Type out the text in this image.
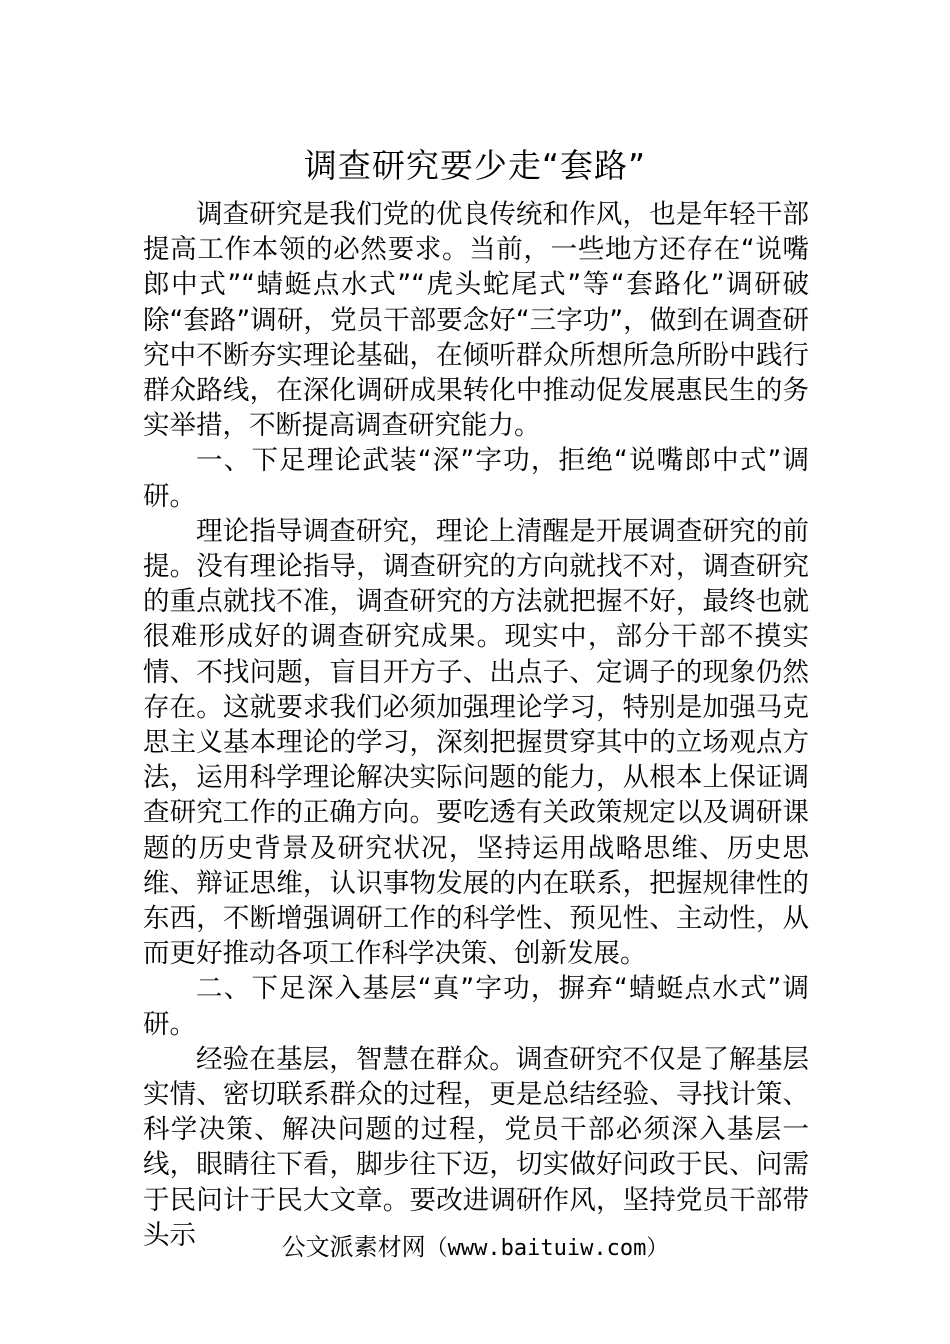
调查研究要少走“套路”

调查研究是我们党的优良传统和作风，也是年轻干部提高工作本领的必然要求。当前，一些地方还存在“说嘴郎中式”“蜻蜓点水式”“虎头蛇尾式”等“套路化”调研破除“套路”调研，党员干部要念好“三字功”，做到在调查研究中不断夯实理论基础，在倾听群众所想所急所盼中践行群众路线，在深化调研成果转化中推动促发展惠民生的务实举措，不断提高调查研究能力。

一、下足理论武装“深”字功，拒绝“说嘴郎中式”调研。

理论指导调查研究，理论上清醒是开展调查研究的前提。没有理论指导，调查研究的方向就找不对，调查研究的重点就找不准，调查研究的方法就把握不好，最终也就很难形成好的调查研究成果。现实中，部分干部不摸实情、不找问题，盲目开方子、出点子、定调子的现象仍然存在。这就要求我们必须加强理论学习，特别是加强马克思主义基本理论的学习，深刻把握贯穿其中的立场观点方法，运用科学理论解决实际问题的能力，从根本上保证调查研究工作的正确方向。要吃透有关政策规定以及调研课题的历史背景及研究状况，坚持运用战略思维、历史思维、辩证思维，认识事物发展的内在联系，把握规律性的东西，不断增强调研工作的科学性、预见性、主动性，从而更好推动各项工作科学决策、创新发展。

二、下足深入基层“真”字功，摒弃“蜻蜓点水式”调研。

经验在基层，智慧在群众。调查研究不仅是了解基层实情、密切联系群众的过程，更是总结经验、寻找计策、科学决策、解决问题的过程，党员干部必须深入基层一线，眼睛往下看，脚步往下迈，切实做好问政于民、问需于民问计于民大文章。要改进调研作风，坚持党员干部带头示	公文派素材网（www.baituiw.com）
